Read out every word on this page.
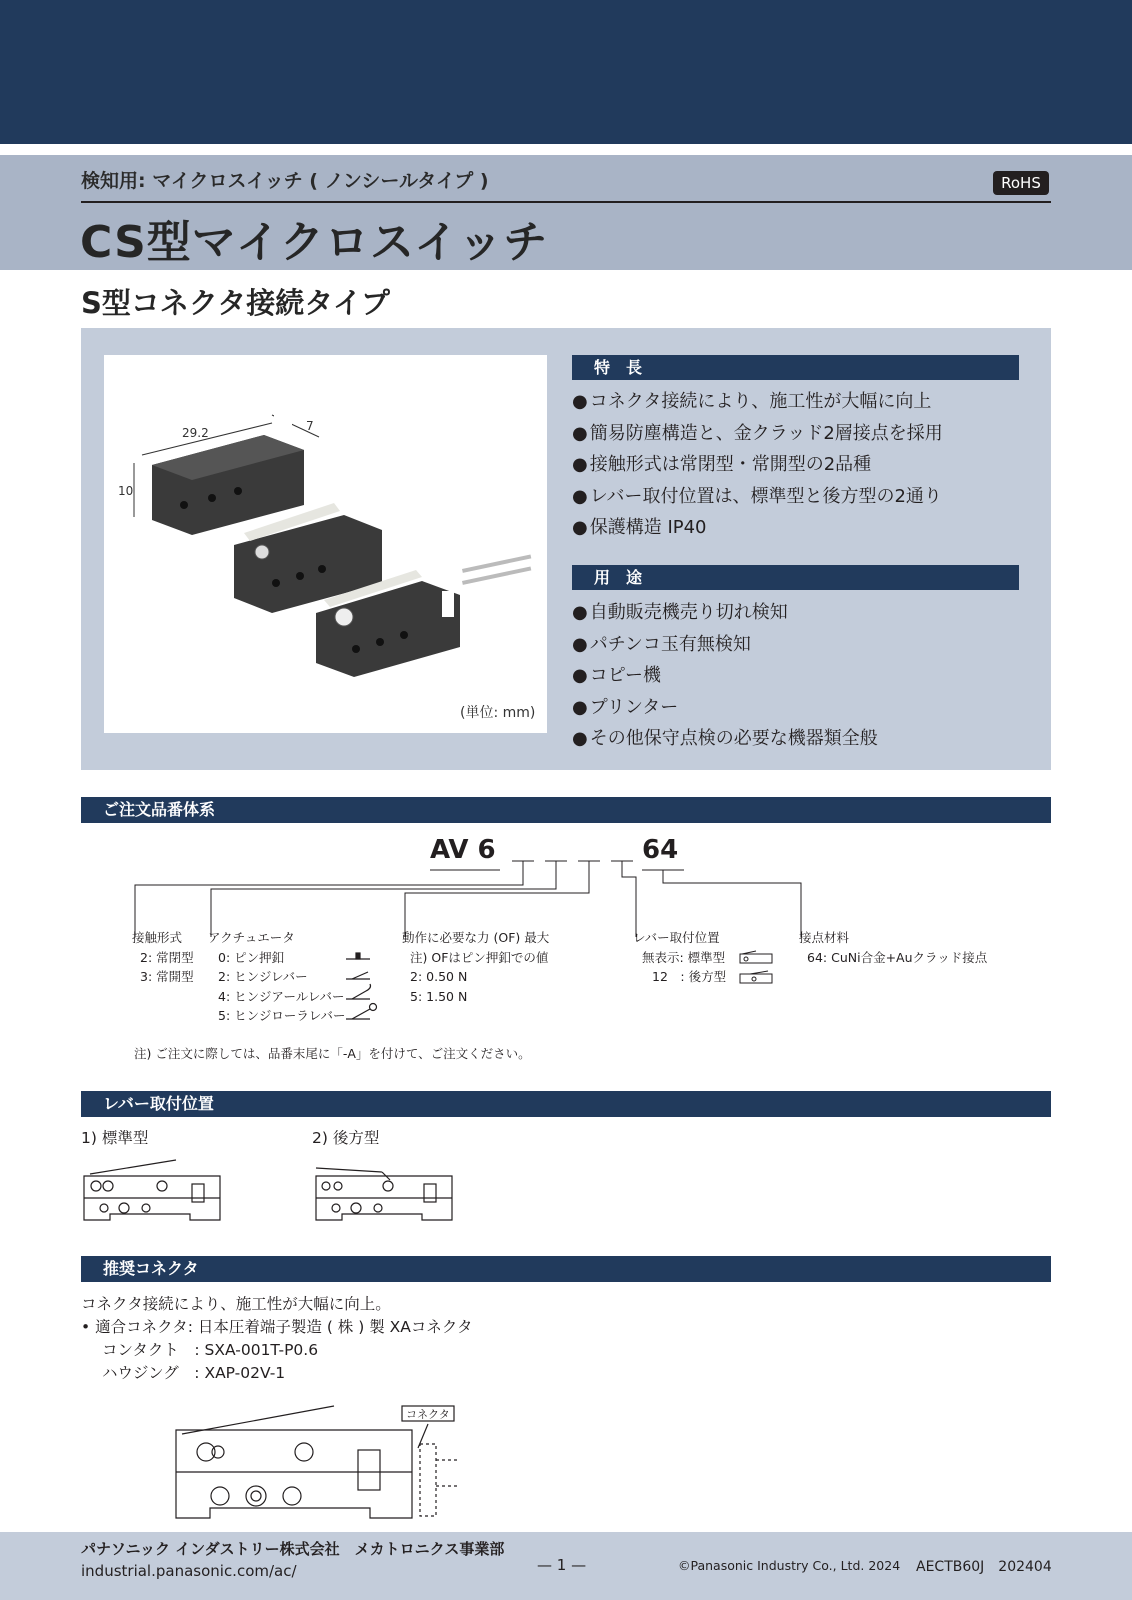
検知用: マイクロスイッチ ( ノンシールタイプ )	RoHS
CS型マイクロスイッチ
S型コネクタ接続タイプ
29.2	7
10
(単位: mm)
特　長
● コネクタ接続により、施工性が大幅に向上
● 簡易防塵構造と、金クラッド2層接点を採用
● 接触形式は常閉型・常開型の2品種
● レバー取付位置は、標準型と後方型の2通り
● 保護構造 IP40
用　途
● 自動販売機売り切れ検知
● パチンコ玉有無検知
● コピー機
● プリンター
● その他保守点検の必要な機器類全般
ご注文品番体系
AV 6	64
接触形式
2: 常閉型
3: 常開型
アクチュエータ
0: ピン押釦
2: ヒンジレバー
4: ヒンジアールレバー
5: ヒンジローラレバー
動作に必要な力 (OF) 最大
注) OFはピン押釦での値
2: 0.50 N
5: 1.50 N
レバー取付位置
無表示: 標準型
12　: 後方型
接点材料
64: CuNi合金+Auクラッド接点
注) ご注文に際しては、品番末尾に「-A」を付けて、ご注文ください。
レバー取付位置
1) 標準型	2) 後方型
推奨コネクタ
コネクタ接続により、施工性が大幅に向上。
• 適合コネクタ: 日本圧着端子製造 ( 株 ) 製 XAコネクタ
コンタクト　: SXA-001T-P0.6
ハウジング　: XAP-02V-1
コネクタ
パナソニック インダストリー株式会社　メカトロニクス事業部
industrial.panasonic.com/ac/	— 1 —	©Panasonic Industry Co., Ltd. 2024 AECTB60J　202404
